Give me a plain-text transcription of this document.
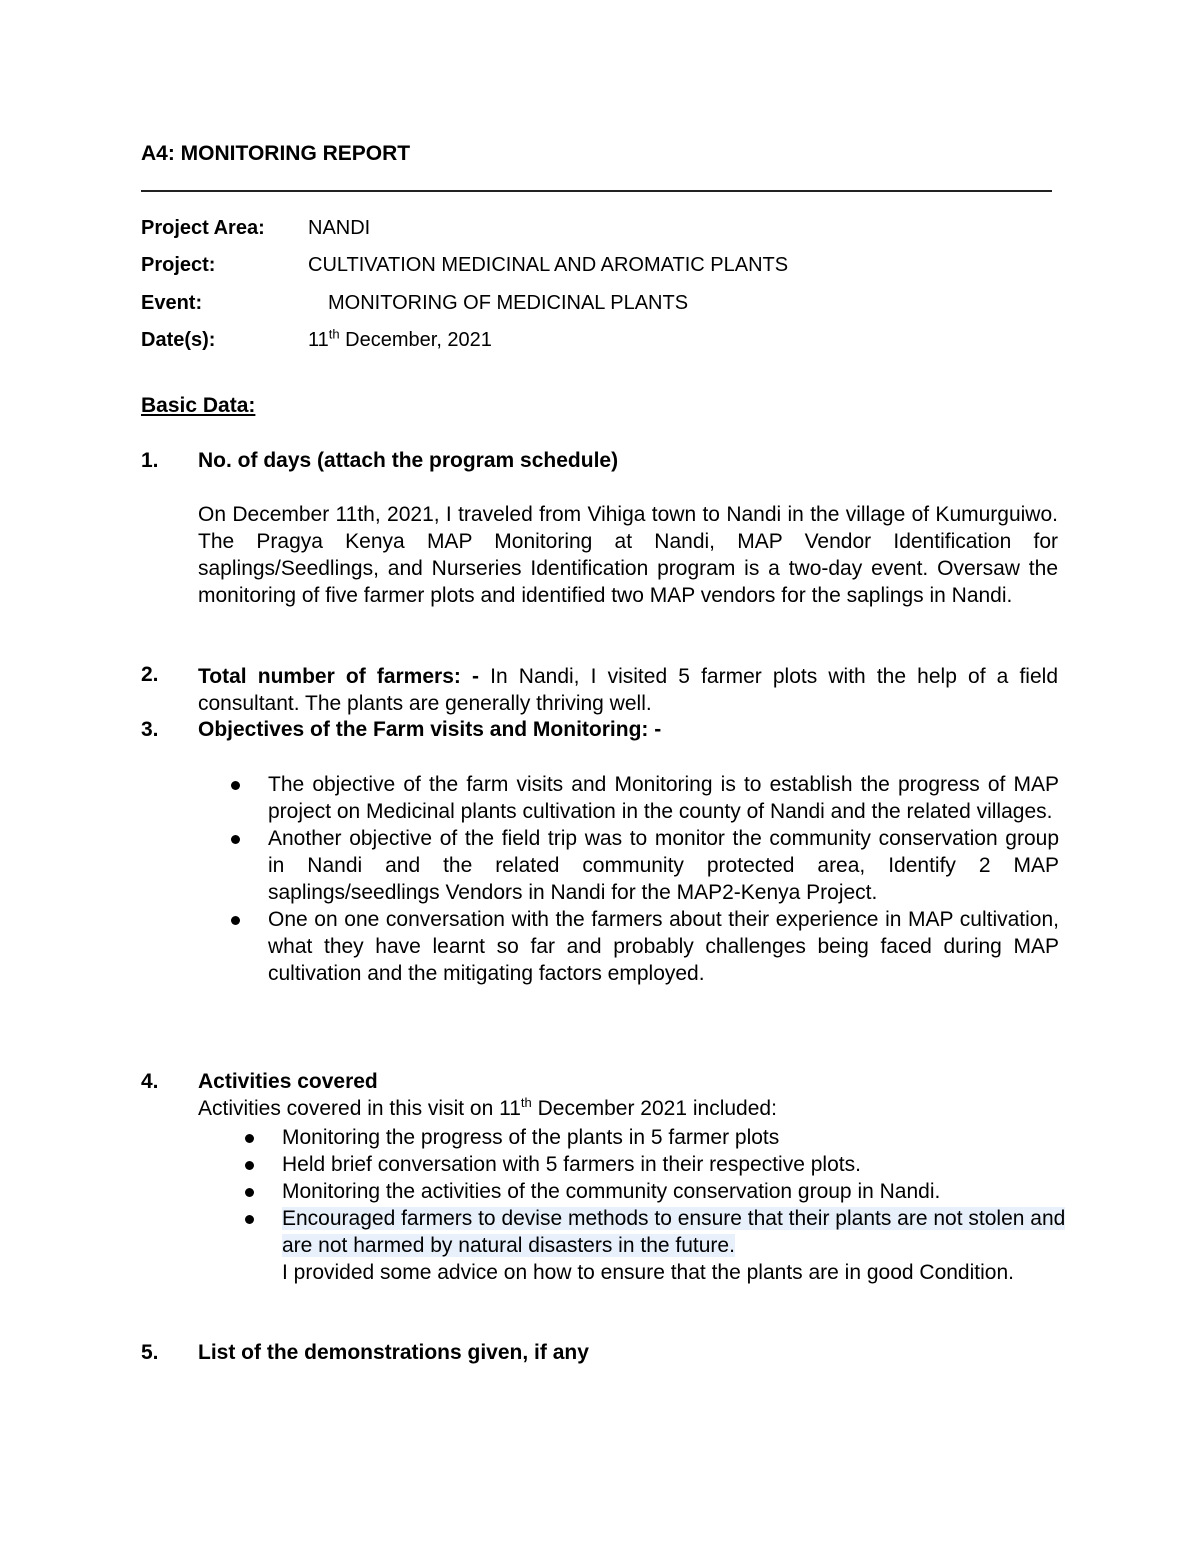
A4: MONITORING REPORT
Project Area: NANDI
Project:	CULTIVATION MEDICINAL AND AROMATIC PLANTS
Event:	MONITORING OF MEDICINAL PLANTS
Date(s):	11th December, 2021
Basic Data:
1. No. of days (attach the program schedule)

On December 11th, 2021, I traveled from Vihiga town to Nandi in the village of Kumurguiwo. The Pragya Kenya MAP Monitoring at Nandi, MAP Vendor Identification for saplings/Seedlings, and Nurseries Identification program is a two-day event. Oversaw the monitoring of five farmer plots and identified two MAP vendors for the saplings in Nandi.

2. Total number of farmers: - In Nandi, I visited 5 farmer plots with the help of a field consultant. The plants are generally thriving well.

3. Objectives of the Farm visits and Monitoring: -
The objective of the farm visits and Monitoring is to establish the progress of MAP project on Medicinal plants cultivation in the county of Nandi and the related villages.
Another objective of the field trip was to monitor the community conservation group in Nandi and the related community protected area, Identify 2 MAP saplings/seedlings Vendors in Nandi for the MAP2-Kenya Project.
One on one conversation with the farmers about their experience in MAP cultivation, what they have learnt so far and probably challenges being faced during MAP cultivation and the mitigating factors employed.
4. Activities covered
Activities covered in this visit on 11th December 2021 included:
Monitoring the progress of the plants in 5 farmer plots
Held brief conversation with 5 farmers in their respective plots.
Monitoring the activities of the community conservation group in Nandi.
Encouraged farmers to devise methods to ensure that their plants are not stolen and are not harmed by natural disasters in the future.
I provided some advice on how to ensure that the plants are in good Condition.
5. List of the demonstrations given, if any
